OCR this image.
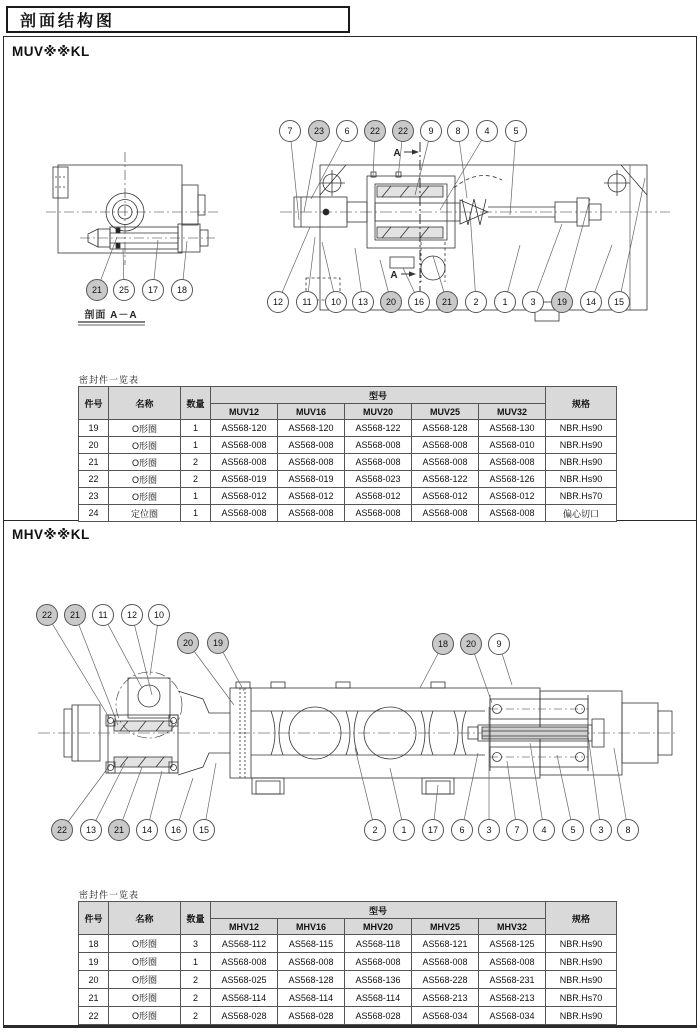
剖面结构图
MUV※※KL
A
A
剖面 A－A
7 23 6 22 22 9 8	4	5
12 11 10 13 20 16 21 2	1	3 19 14 15
21 25 17 18
密封件一览表
件号	名称	数量	型号					规格
			MUV12	MUV16	MUV20	MUV25	MUV32	
19	O形圈	1	AS568-120	AS568-120	AS568-122	AS568-128	AS568-130	NBR.Hs90
20	O形圈	1	AS568-008	AS568-008	AS568-008	AS568-008	AS568-010	NBR.Hs90
21	O形圈	2	AS568-008	AS568-008	AS568-008	AS568-008	AS568-008	NBR.Hs90
22	O形圈	2	AS568-019	AS568-019	AS568-023	AS568-122	AS568-126	NBR.Hs90
23	O形圈	1	AS568-012	AS568-012	AS568-012	AS568-012	AS568-012	NBR.Hs70
24	定位圈	1	AS568-008	AS568-008	AS568-008	AS568-008	AS568-008	偏心切口
MHV※※KL
22 21 11 12 10
20 19	18 20 9
22 13 21 14 16 15	2	1 17 6 3	7 4	5	3 8
密封件一览表
件号	名称	数量	型号					规格
			MHV12	MHV16	MHV20	MHV25	MHV32	
18	O形圈	3	AS568-112	AS568-115	AS568-118	AS568-121	AS568-125	NBR.Hs90
19	O形圈	1	AS568-008	AS568-008	AS568-008	AS568-008	AS568-008	NBR.Hs90
20	O形圈	2	AS568-025	AS568-128	AS568-136	AS568-228	AS568-231	NBR.Hs90
21	O形圈	2	AS568-114	AS568-114	AS568-114	AS568-213	AS568-213	NBR.Hs70
22	O形圈	2	AS568-028	AS568-028	AS568-028	AS568-034	AS568-034	NBR.Hs90
